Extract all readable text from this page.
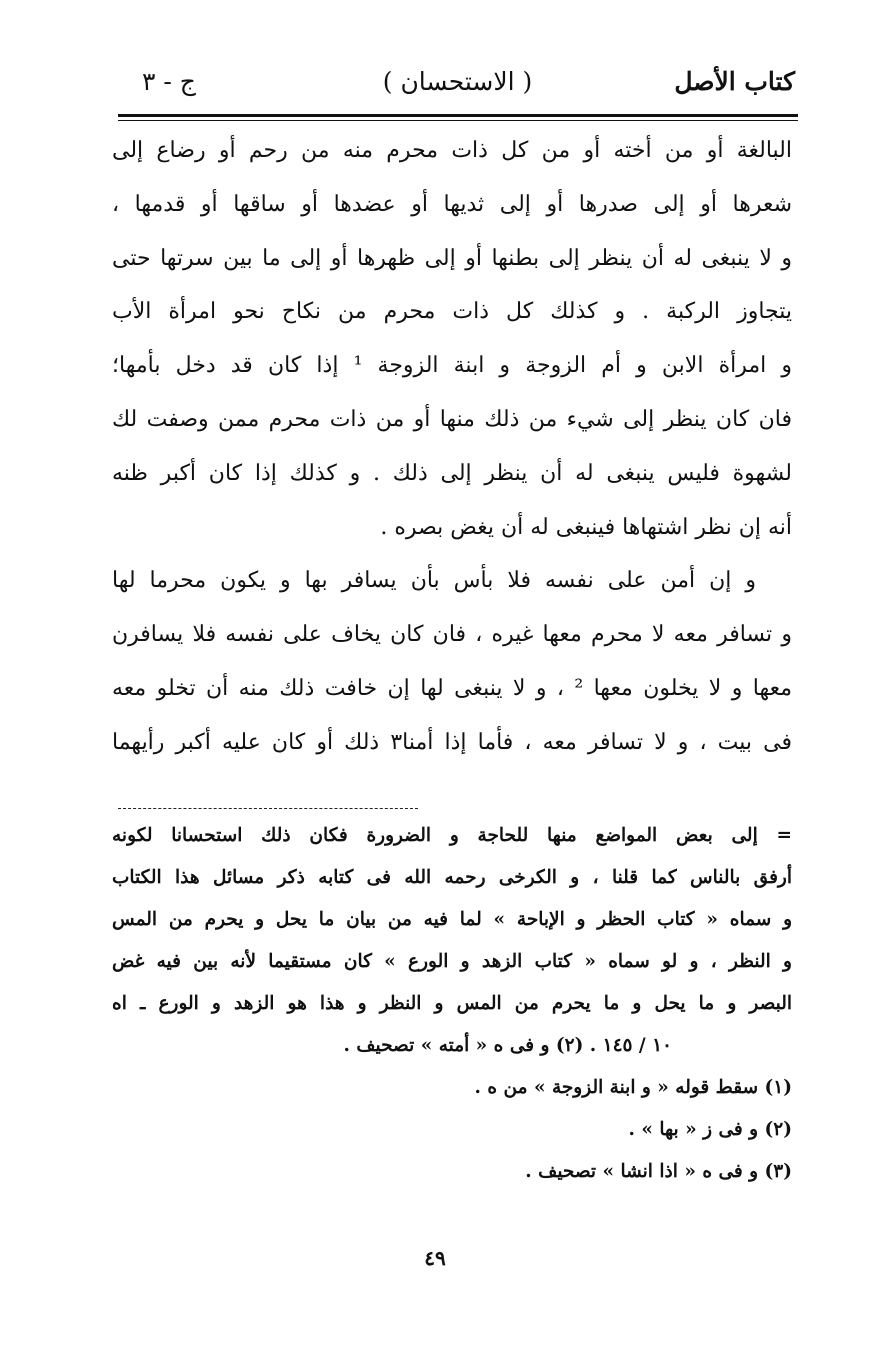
كتاب الأصل
( الاستحسان )
ج - ٣
البالغة أو من أخته أو من كل ذات محرم منه من رحم أو رضاع إلى
شعرها أو إلى صدرها أو إلى ثديها أو عضدها أو ساقها أو قدمها ،
و لا ينبغى له أن ينظر إلى بطنها أو إلى ظهرها أو إلى ما بين سرتها حتى
يتجاوز الركبة . و كذلك كل ذات محرم من نكاح نحو امرأة الأب
و امرأة الابن و أم الزوجة و ابنة الزوجة ¹ إذا كان قد دخل بأمها؛
فان كان ينظر إلى شيء من ذلك منها أو من ذات محرم ممن وصفت لك
لشهوة فليس ينبغى له أن ينظر إلى ذلك . و كذلك إذا كان أكبر ظنه
أنه إن نظر اشتهاها فينبغى له أن يغض بصره .
و إن أمن على نفسه فلا بأس بأن يسافر بها و يكون محرما لها
و تسافر معه لا محرم معها غيره ، فان كان يخاف على نفسه فلا يسافرن
معها و لا يخلون معها ² ، و لا ينبغى لها إن خافت ذلك منه أن تخلو معه
فى بيت ، و لا تسافر معه ، فأما إذا أمنا٣ ذلك أو كان عليه أكبر رأيهما
= إلى بعض المواضع منها للحاجة و الضرورة فكان ذلك استحسانا لكونه
أرفق بالناس كما قلنا ، و الكرخى رحمه الله فى كتابه ذكر مسائل هذا الكتاب
و سماه « كتاب الحظر و الإباحة » لما فيه من بيان ما يحل و يحرم من المس
و النظر ، و لو سماه « كتاب الزهد و الورع » كان مستقيما لأنه بين فيه غض
البصر و ما يحل و ما يحرم من المس و النظر و هذا هو الزهد و الورع ـ اه
١٠ / ١٤٥ . (٢) و فى ه « أمته » تصحيف .
(١) سقط قوله « و ابنة الزوجة » من ه .
(٢) و فى ز « بها » .
(٣) و فى ه « اذا انشا » تصحيف .
٤٩
